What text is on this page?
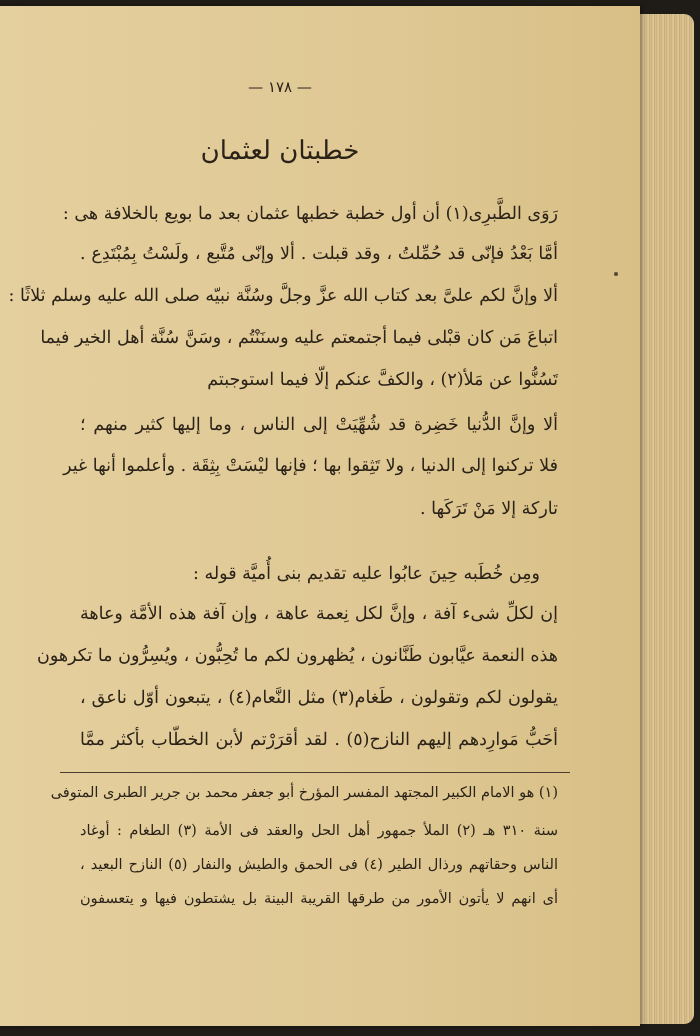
— ١٧٨ —
خطبتان لعثمان
رَوَى الطَّبرِى(١) أن أول خطبة خطبها عثمان بعد ما بويع بالخلافة هى :
أمَّا بَعْدُ فإنّى قد حُمِّلتُ ، وقد قبلت . ألا وإنّى مُتَّبع ، ولَسْتُ بِمُبْتَدِع .
ألا وإنَّ لكم علىَّ بعد كتاب الله عزَّ وجلَّ وسُنَّة نبيّه صلى الله عليه وسلم ثلاثًا :
اتباعَ مَن كان قبْلى فيما أجتمعتم عليه وسنَنْتُم ، وسَنَّ سُنَّة أهل الخير فيما
تَسُنُّوا عن مَلأ(٢) ، والكفَّ عنكم إلّا فيما استوجبتم
ألا وإنَّ الدُّنيا خَضِرة قد شُهِّيَتْ إلى الناس ، وما إليها كثير منهم ؛
فلا تركنوا إلى الدنيا ، ولا تَثِقوا بها ؛ فإنها ليْسَتْ بِثِقَة . وأعلموا أنها غير
تاركة إلا مَنْ تَرَكَها .
ومِن خُطَبه حِينَ عابُوا عليه تقديم بنى أُميَّة قوله :
إن لكلِّ شىء آفة ، وإنَّ لكل نِعمة عاهة ، وإن آفة هذه الأمَّة وعاهة
هذه النعمة عيَّابون طَنَّانون ، يُظهرون لكم ما تُحِبُّون ، ويُسِرُّون ما تكرهون
يقولون لكم وتقولون ، طَغام(٣) مثل النَّعام(٤) ، يتبعون أوّل ناعق ،
أحَبُّ مَوارِدهم إليهم النازح(٥) . لقد أقرَرْتم لأبن الخطّاب بأكثر ممَّا
(١) هو الامام الكبير المجتهد المفسر المؤرخ أبو جعفر محمد بن جرير الطبرى المتوفى
سنة ٣١٠ هـ (٢) الملأ جمهور أهل الحل والعقد فى الأمة (٣) الطغام : أوغاد
الناس وحقاتهم ورذال الطير (٤) فى الحمق والطيش والنفار (٥) النازح البعيد ،
أى انهم لا يأتون الأمور من طرقها القريبة البينة بل يشتطون فيها و يتعسفون
